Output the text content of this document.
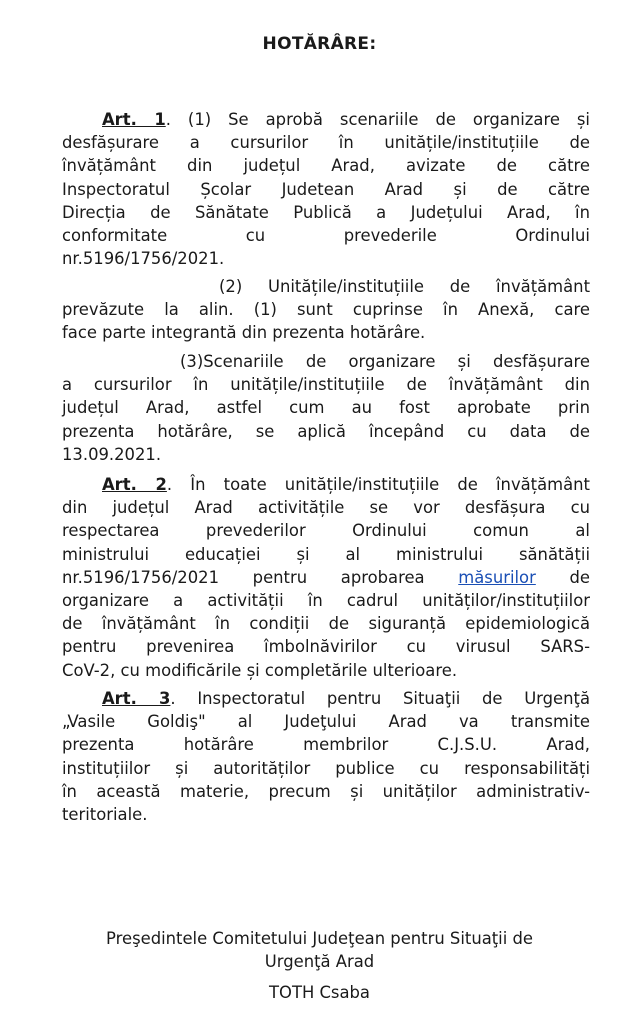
HOTĂRÂRE:
Art. 1. (1) Se aprobă scenariile de organizare și
desfășurare a cursurilor în unitățile/instituțiile de
învățământ din județul Arad, avizate de către
Inspectoratul Școlar Judetean Arad și de către
Direcția de Sănătate Publică a Județului Arad, în
conformitate cu prevederile Ordinului
nr.5196/1756/2021.
(2) Unitățile/instituțiile de învățământ
prevăzute la alin. (1) sunt cuprinse în Anexă, care
face parte integrantă din prezenta hotărâre.
(3)Scenariile de organizare și desfășurare
a cursurilor în unitățile/instituțiile de învățământ din
județul Arad, astfel cum au fost aprobate prin
prezenta hotărâre, se aplică începând cu data de
13.09.2021.
Art. 2. În toate unitățile/instituțiile de învățământ
din județul Arad activitățile se vor desfășura cu
respectarea prevederilor Ordinului comun al
ministrului educației și al ministrului sănătății
nr.5196/1756/2021 pentru aprobarea măsurilor de
organizare a activității în cadrul unităților/instituțiilor
de învățământ în condiții de siguranță epidemiologică
pentru prevenirea îmbolnăvirilor cu virusul SARS-
CoV-2, cu modificările și completările ulterioare.
Art. 3. Inspectoratul pentru Situaţii de Urgenţă
„Vasile Goldiş" al Judeţului Arad va transmite
prezenta hotărâre membrilor C.J.S.U. Arad,
instituțiilor și autorităților publice cu responsabilități
în această materie, precum și unităților administrativ-
teritoriale.
Preşedintele Comitetului Judeţean pentru Situaţii de
Urgenţă Arad
TOTH Csaba
